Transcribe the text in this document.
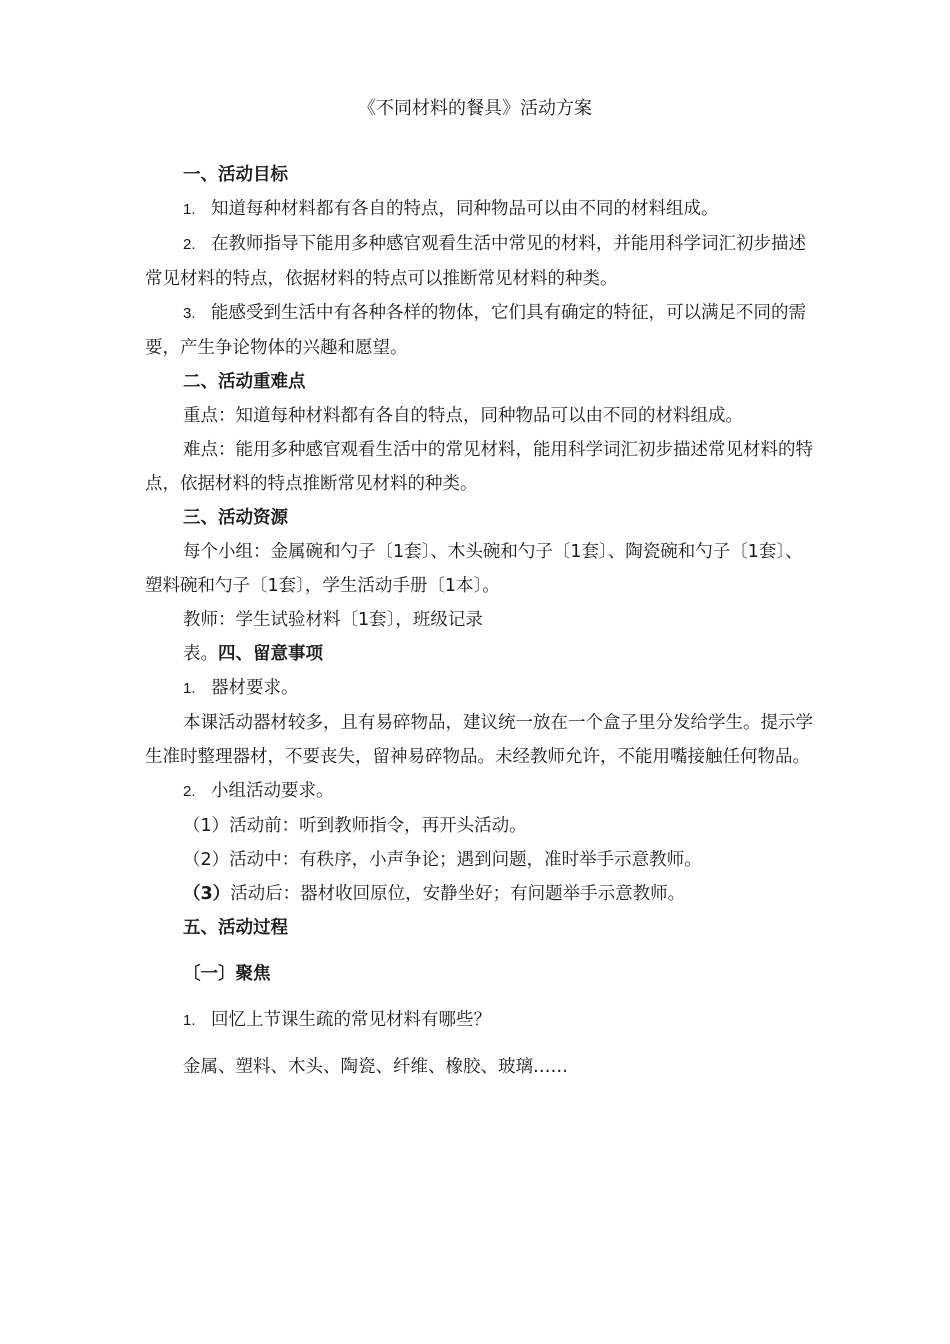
《不同材料的餐具》活动方案

一、活动目标

1. 知道每种材料都有各自的特点，同种物品可以由不同的材料组成。

2. 在教师指导下能用多种感官观看生活中常见的材料，并能用科学词汇初步描述常见材料的特点，依据材料的特点可以推断常见材料的种类。

3. 能感受到生活中有各种各样的物体，它们具有确定的特征，可以满足不同的需要，产生争论物体的兴趣和愿望。

二、活动重难点

重点：知道每种材料都有各自的特点，同种物品可以由不同的材料组成。

难点：能用多种感官观看生活中的常见材料，能用科学词汇初步描述常见材料的特点，依据材料的特点推断常见材料的种类。

三、活动资源

每个小组：金属碗和勺子〔1套〕、木头碗和勺子〔1套〕、陶瓷碗和勺子〔1套〕、塑料碗和勺子〔1套〕，学生活动手册〔1本〕。

教师：学生试验材料〔1套〕，班级记录

表。四、留意事项

1. 器材要求。

本课活动器材较多，且有易碎物品，建议统一放在一个盒子里分发给学生。提示学生准时整理器材，不要丧失，留神易碎物品。未经教师允许，不能用嘴接触任何物品。

2. 小组活动要求。

（1）活动前：听到教师指令，再开头活动。

（2）活动中：有秩序，小声争论；遇到问题，准时举手示意教师。

（3）活动后：器材收回原位，安静坐好；有问题举手示意教师。

五、活动过程

〔一〕聚焦

1. 回忆上节课生疏的常见材料有哪些？

金属、塑料、木头、陶瓷、纤维、橡胶、玻璃……
